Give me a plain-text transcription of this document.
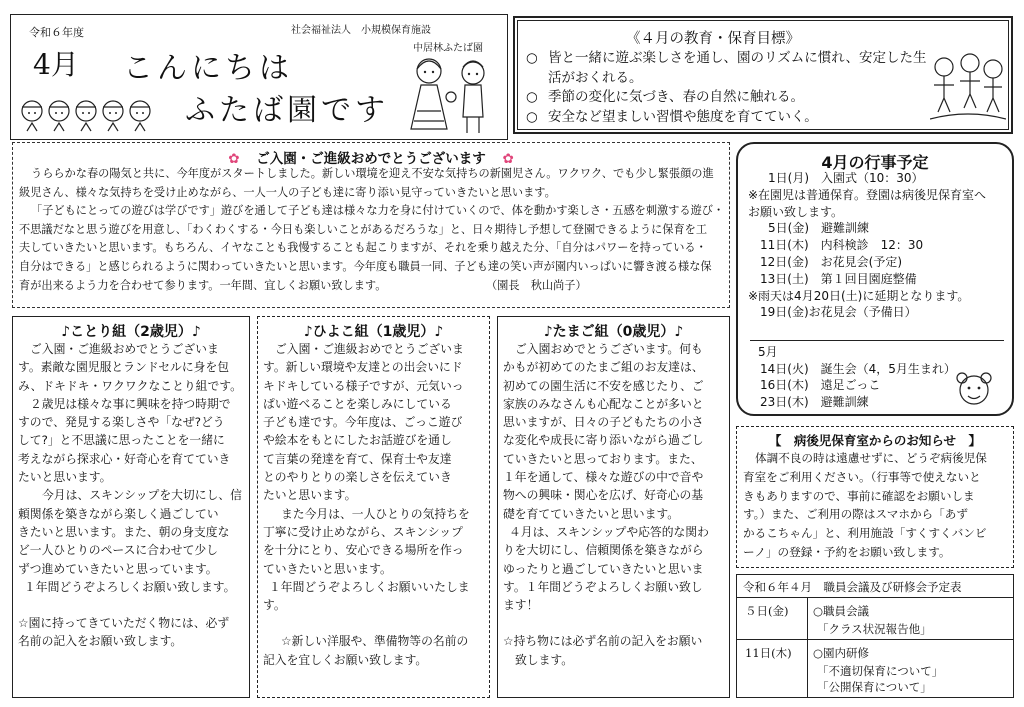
令和６年度
4月 こんにちは
ふたば園です
社会福祉法人　小規模保育施設
中居林ふたば園
《４月の教育・保育目標》
○ 皆と一緒に遊ぶ楽しさを通し、園のリズムに慣れ、安定した生活がおくれる。
○ 季節の変化に気づき、春の自然に触れる。
○ 安全など望ましい習慣や態度を育てていく。
✿ ご入園・ご進級おめでとうございます ✿
うららかな春の陽気と共に、今年度がスタートしました。新しい環境を迎え不安な気持ちの新園児さん。ワクワク、でも少し緊張顔の進
級児さん、様々な気持ちを受け止めながら、一人一人の子ども達に寄り添い見守っていきたいと思います。
「子どもにとっての遊びは学びです」遊びを通して子ども達は様々な力を身に付けていくので、体を動かす楽しさ・五感を刺激する遊び・
不思議だなと思う遊びを用意し、「わくわくする・今日も楽しいことがあるだろうな」と、日々期待し予想して登園できるように保育を工
夫していきたいと思います。もちろん、イヤなことも我慢することも起こりますが、それを乗り越えた分、「自分はパワーを持っている・
自分はできる」と感じられるように関わっていきたいと思います。今年度も職員一同、子ども達の笑い声が園内いっぱいに響き渡る様な保
育が出来るよう力を合わせて参ります。一年間、宜しくお願い致します。	（園長　秋山尚子）
4月の行事予定
1日(月)　入園式（10：30）
※在園児は普通保育。登園は病後児保育室へ
お願い致します。
5日(金)　避難訓練
11日(木)　内科検診　12：30
12日(金)　お花見会(予定)
13日(土)　第１回目園庭整備
※雨天は4月20日(土)に延期となります。
19日(金)お花見会（予備日）
5月
14日(火)　誕生会（4，5月生まれ）
16日(木)　遠足ごっこ
23日(木)　避難訓練
♪ことり組（2歳児）♪
ご入園・ご進級おめでとうございま
す。素敵な園児服とランドセルに身を包
み、ドキドキ・ワクワクなことり組です。
２歳児は様々な事に興味を持つ時期で
すので、発見する楽しさや「なぜ?どう
して?」と不思議に思ったことを一緒に
考えながら探求心・好奇心を育てていき
たいと思います。
今月は、スキンシップを大切にし、信
頼関係を築きながら楽しく過ごしてい
きたいと思います。また、朝の身支度な
ど一人ひとりのペースに合わせて少し
ずつ進めていきたいと思っています。
１年間どうぞよろしくお願い致します。
☆園に持ってきていただく物には、必ず
名前の記入をお願い致します。
♪ひよこ組（1歳児）♪
ご入園・ご進級おめでとうございま
す。新しい環境や友達との出会いにド
キドキしている様子ですが、元気いっ
ぱい遊べることを楽しみにしている
子ども達です。今年度は、ごっこ遊び
や絵本をもとにしたお話遊びを通し
て言葉の発達を育て、保育士や友達
とのやりとりの楽しさを伝えていき
たいと思います。
また今月は、一人ひとりの気持ちを
丁寧に受け止めながら、スキンシップ
を十分にとり、安心できる場所を作っ
ていきたいと思います。
１年間どうぞよろしくお願いいたしま
す。
☆新しい洋服や、準備物等の名前の
記入を宜しくお願い致します。
♪たまご組（0歳児）♪
ご入園おめでとうございます。何も
かもが初めてのたまご組のお友達は、
初めての園生活に不安を感じたり、ご
家族のみなさんも心配なことが多いと
思いますが、日々の子どもたちの小さ
な変化や成長に寄り添いながら過ごし
ていきたいと思っております。また、
１年を通して、様々な遊びの中で音や
物への興味・関心を広げ、好奇心の基
礎を育てていきたいと思います。
４月は、スキンシップや応答的な関わ
りを大切にし、信頼関係を築きながら
ゆったりと過ごしていきたいと思いま
す。１年間どうぞよろしくお願い致し
ます！
☆持ち物には必ず名前の記入をお願い
致します。
【　病後児保育室からのお知らせ　】
体調不良の時は遠慮せずに、どうぞ病後児保
育室をご利用ください。（行事等で使えないと
きもありますので、事前に確認をお願いしま
す。）また、ご利用の際はスマホから「あず
かるこちゃん」と、利用施設「すくすくバンビ
ーノ」の登録・予約をお願い致します。
令和６年４月　職員会議及び研修会予定表
５日(金) ○職員会議
「クラス状況報告他」
11日(木) ○園内研修
「不適切保育について」
「公開保育について」
